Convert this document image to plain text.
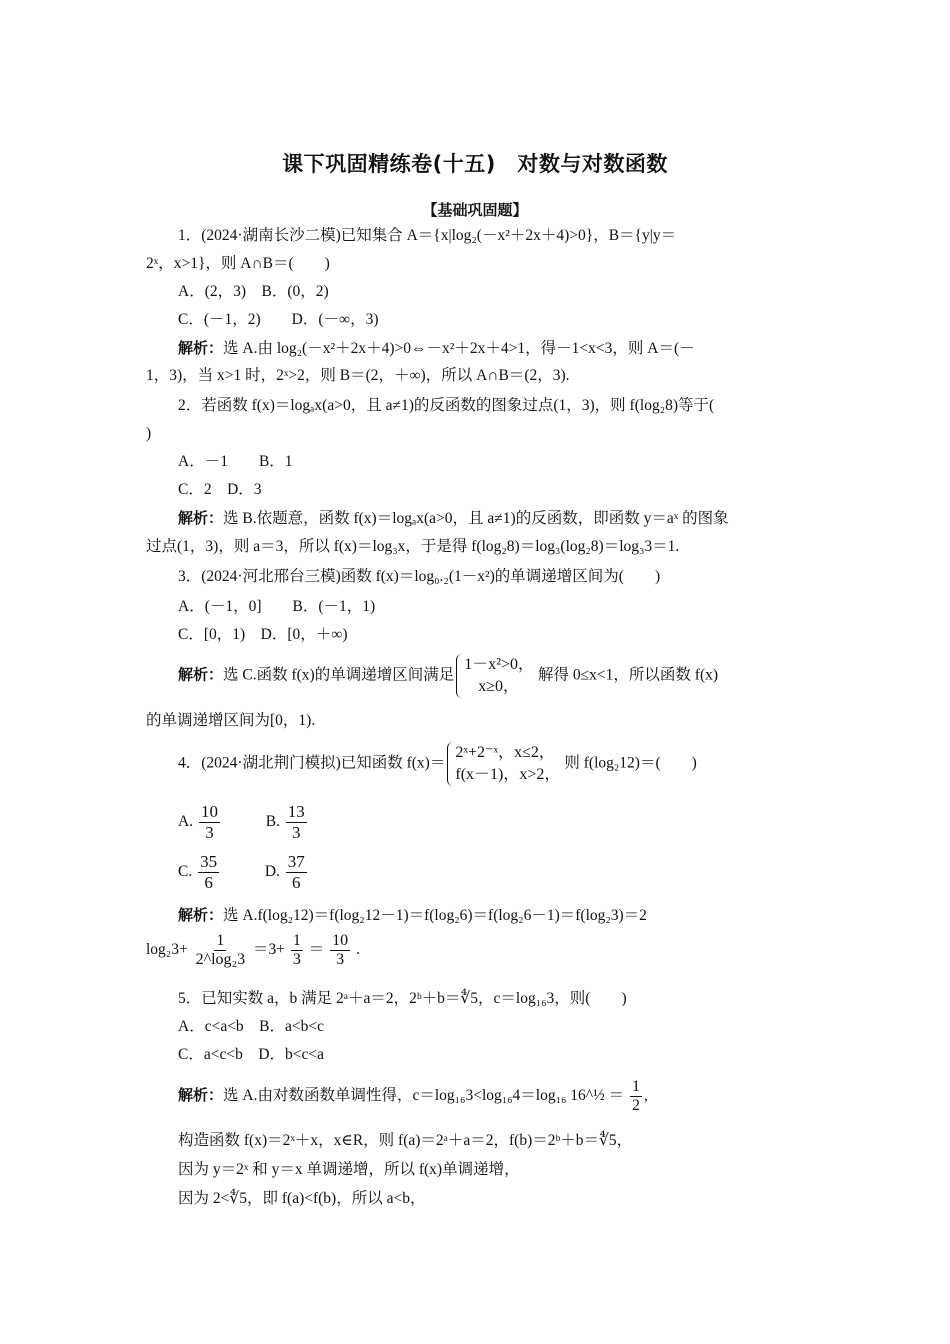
课下巩固精练卷(十五)　对数与对数函数
【基础巩固题】
1．(2024·湖南长沙二模)已知集合 A＝{x|log₂(－x²＋2x＋4)>0}，B＝{y|y＝
2ˣ，x>1}，则 A∩B＝(　　)
A．(2，3)　B．(0，2)
C．(－1，2)　　D．(－∞，3)
解析：选 A.由 log₂(－x²＋2x＋4)>0⇔－x²＋2x＋4>1，得－1<x<3，则 A＝(－
1，3)，当 x>1 时，2ˣ>2，则 B＝(2，＋∞)，所以 A∩B＝(2，3).
2．若函数 f(x)＝logₐx(a>0，且 a≠1)的反函数的图象过点(1，3)，则 f(log₂8)等于(
)
A．－1　　B．1
C．2　D．3
解析：选 B.依题意，函数 f(x)＝logₐx(a>0，且 a≠1)的反函数，即函数 y＝aˣ 的图象
过点(1，3)，则 a＝3，所以 f(x)＝log₃x，于是得 f(log₂8)＝log₃(log₂8)＝log₃3＝1.
3．(2024·河北邢台三模)函数 f(x)＝log₀.₂(1－x²)的单调递增区间为(　　)
A．(－1，0]　　B．(－1，1)
C．[0，1)　D．[0，＋∞)
解析：选 C.函数 f(x)的单调递增区间满足1－x²>0，
x≥0，解得 0≤x<1，所以函数 f(x)
的单调递增区间为[0，1).
4．(2024·湖北荆门模拟)已知函数 f(x)＝2ˣ+2⁻ˣ，x≤2，
f(x－1)，x>2，则 f(log₂12)＝(　　)
A. $\frac{10}{3}$	B. $\frac{13}{3}$
C. $\frac{35}{6}$	D. $\frac{37}{6}$
解析：选 A.f(log₂12)＝f(log₂12－1)＝f(log₂6)＝f(log₂6－1)＝f(log₂3)＝2
$\log_23+ \frac{1}{\text{2\textasciicircum{}log₂3}} =3+ \frac{1}{3} = \frac{10}{3}$ .
5．已知实数 a，b 满足 2ᵃ＋a＝2，2ᵇ＋b＝∜5，c＝log₁₆3，则(　　)
A．c<a<b　B．a<b<c
C．a<c<b　D．b<c<a
解析：选 A.由对数函数单调性得，c＝log₁₆3<log₁₆4＝log₁₆ 16^½ ＝ $\frac{1}{2}$ ,
构造函数 f(x)＝2ˣ＋x，x∈R，则 f(a)＝2ᵃ＋a＝2，f(b)＝2ᵇ＋b＝∜5，
因为 y＝2ˣ 和 y＝x 单调递增，所以 f(x)单调递增，
因为 2<∜5，即 f(a)<f(b)，所以 a<b，
